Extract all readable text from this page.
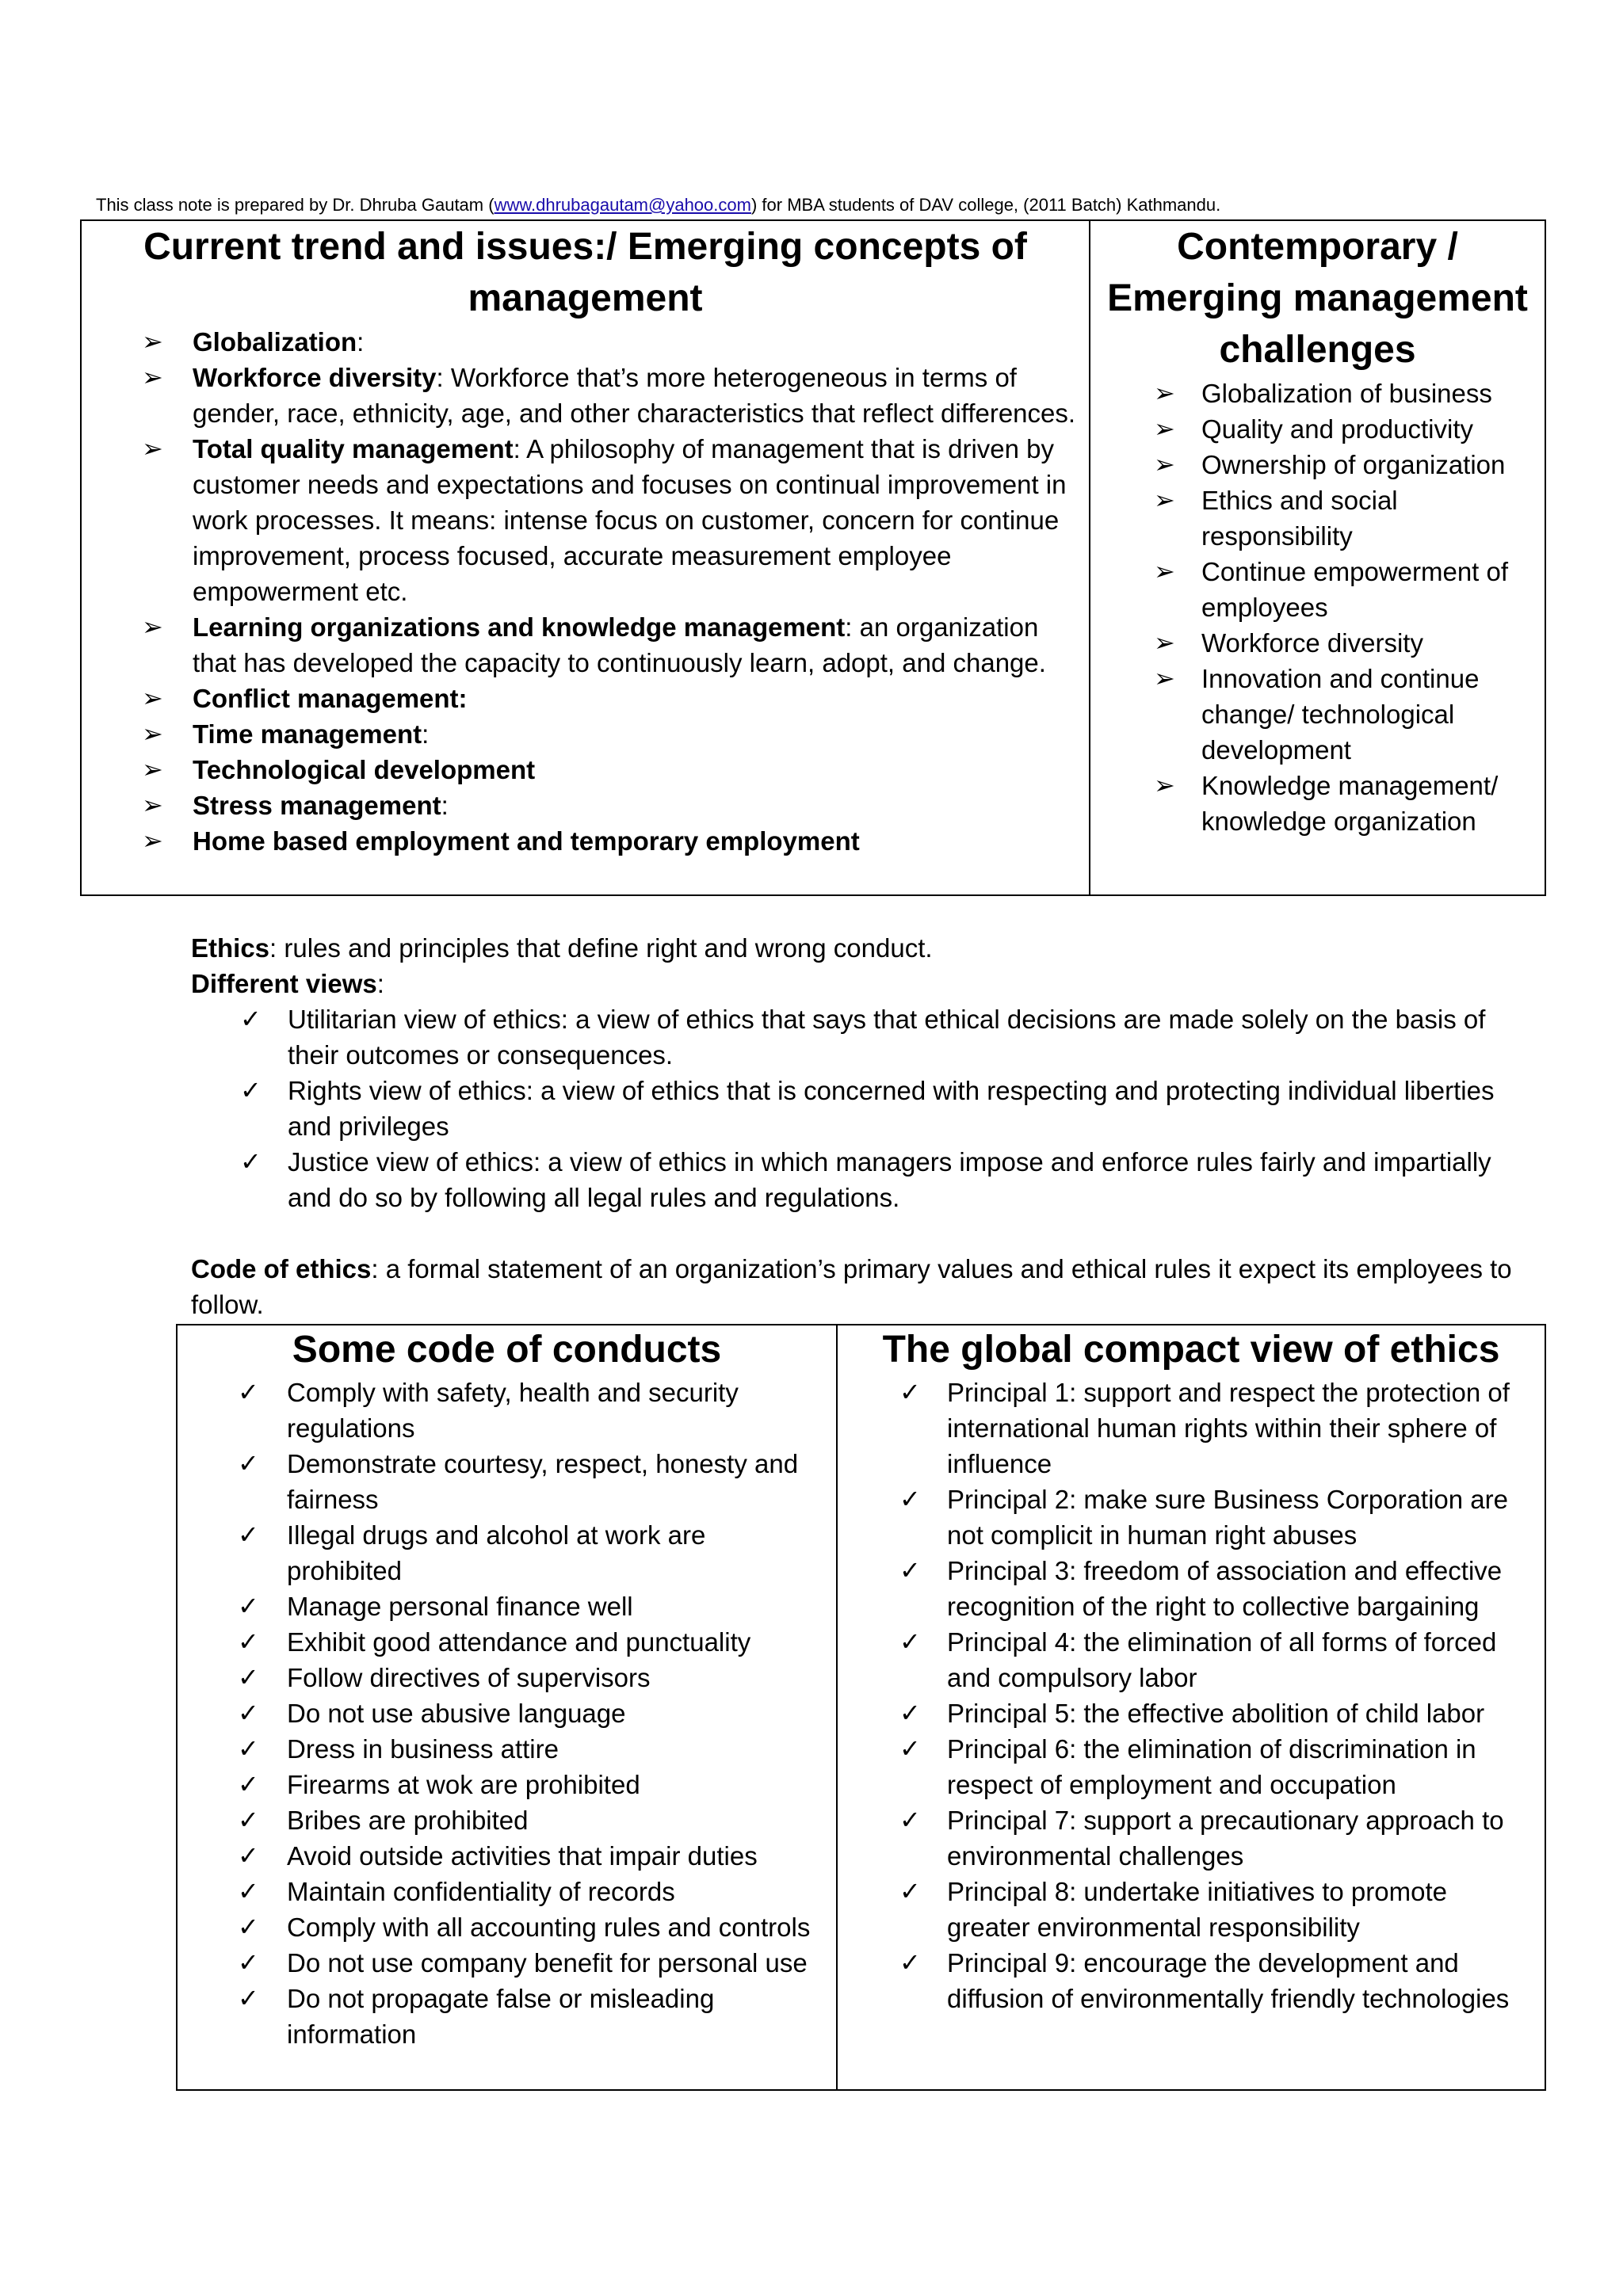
This class note is prepared by Dr. Dhruba Gautam (www.dhrubagautam@yahoo.com) for MBA students of DAV college, (2011 Batch) Kathmandu.
Current trend and issues:/ Emerging concepts of management
➢ Globalization:
➢ Workforce diversity: Workforce that’s more heterogeneous in terms of gender, race, ethnicity, age, and other characteristics that reflect differences.
➢ Total quality management: A philosophy of management that is driven by customer needs and expectations and focuses on continual improvement in work processes. It means: intense focus on customer, concern for continue improvement, process focused, accurate measurement employee empowerment etc.
➢ Learning organizations and knowledge management: an organization that has developed the capacity to continuously learn, adopt, and change.
➢ Conflict management:
➢ Time management:
➢ Technological development
➢ Stress management:
➢ Home based employment and temporary employment
Contemporary / Emerging management challenges
➢ Globalization of business
➢ Quality and productivity
➢ Ownership of organization
➢ Ethics and social responsibility
➢ Continue empowerment of employees
➢ Workforce diversity
➢ Innovation and continue change/ technological development
➢ Knowledge management/ knowledge organization
Ethics: rules and principles that define right and wrong conduct.
Different views:
✓ Utilitarian view of ethics: a view of ethics that says that ethical decisions are made solely on the basis of their outcomes or consequences.
✓ Rights view of ethics: a view of ethics that is concerned with respecting and protecting individual liberties and privileges
✓ Justice view of ethics: a view of ethics in which managers impose and enforce rules fairly and impartially and do so by following all legal rules and regulations.
Code of ethics: a formal statement of an organization’s primary values and ethical rules it expect its employees to follow.
Some code of conducts
✓ Comply with safety, health and security regulations
✓ Demonstrate courtesy, respect, honesty and fairness
✓ Illegal drugs and alcohol at work are prohibited
✓ Manage personal finance well
✓ Exhibit good attendance and punctuality
✓ Follow directives of supervisors
✓ Do not use abusive language
✓ Dress in business attire
✓ Firearms at wok are prohibited
✓ Bribes are prohibited
✓ Avoid outside activities that impair duties
✓ Maintain confidentiality of records
✓ Comply with all accounting rules and controls
✓ Do not use company benefit for personal use
✓ Do not propagate false or misleading information
The global compact view of ethics
✓ Principal 1: support and respect the protection of international human rights within their sphere of influence
✓ Principal 2: make sure Business Corporation are not complicit in human right abuses
✓ Principal 3: freedom of association and effective recognition of the right to collective bargaining
✓ Principal 4: the elimination of all forms of forced and compulsory labor
✓ Principal 5: the effective abolition of child labor
✓ Principal 6: the elimination of discrimination in respect of employment and occupation
✓ Principal 7: support a precautionary approach to environmental challenges
✓ Principal 8: undertake initiatives to promote greater environmental responsibility
✓ Principal 9: encourage the development and diffusion of environmentally friendly technologies
